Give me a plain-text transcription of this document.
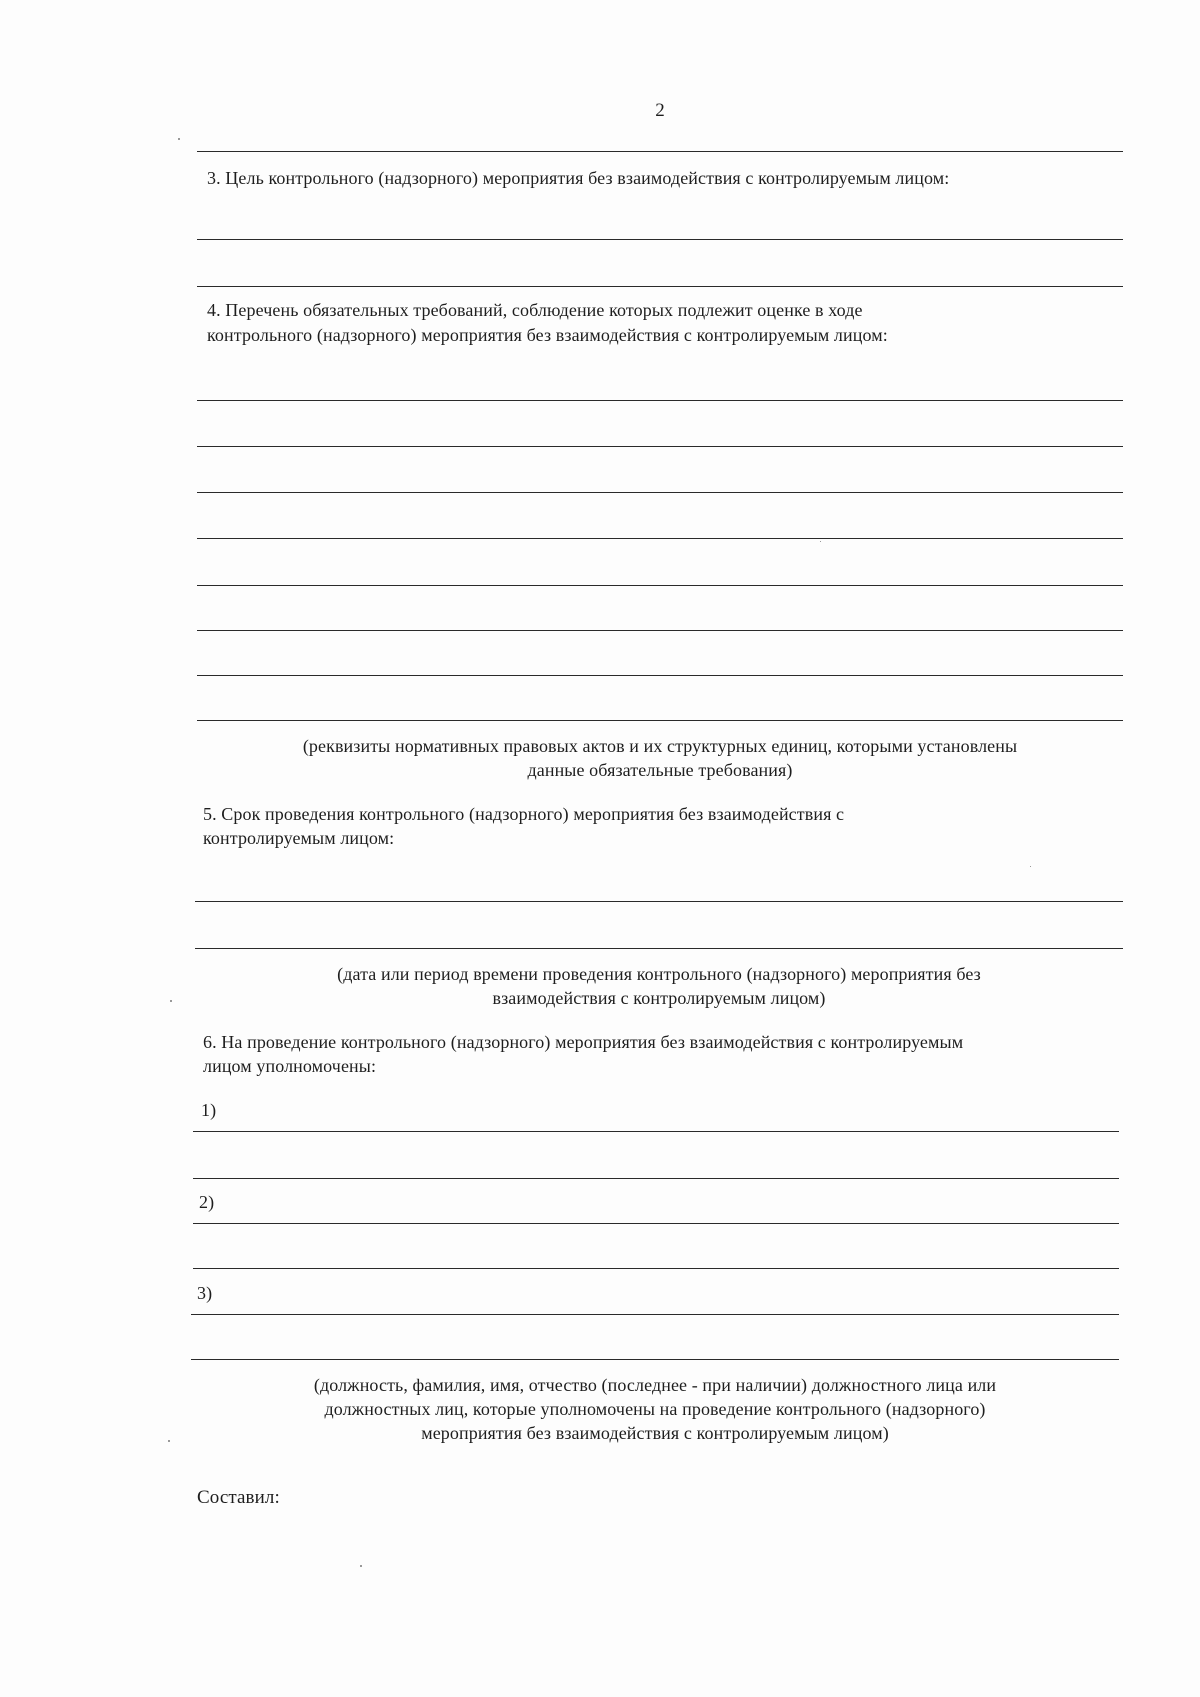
2
3. Цель контрольного (надзорного) мероприятия без взаимодействия с контролируемым лицом:
4. Перечень обязательных требований, соблюдение которых подлежит оценке в ходе
контрольного (надзорного) мероприятия без взаимодействия с контролируемым лицом:
(реквизиты нормативных правовых актов и их структурных единиц, которыми установлены
данные обязательные требования)
5. Срок проведения контрольного (надзорного) мероприятия без взаимодействия с
контролируемым лицом:
(дата или период времени проведения контрольного (надзорного) мероприятия без
взаимодействия с контролируемым лицом)
6. На проведение контрольного (надзорного) мероприятия без взаимодействия с контролируемым
лицом уполномочены:
1)
2)
3)
(должность, фамилия, имя, отчество (последнее - при наличии) должностного лица или
должностных лиц, которые уполномочены на проведение контрольного (надзорного)
мероприятия без взаимодействия с контролируемым лицом)
Составил:
